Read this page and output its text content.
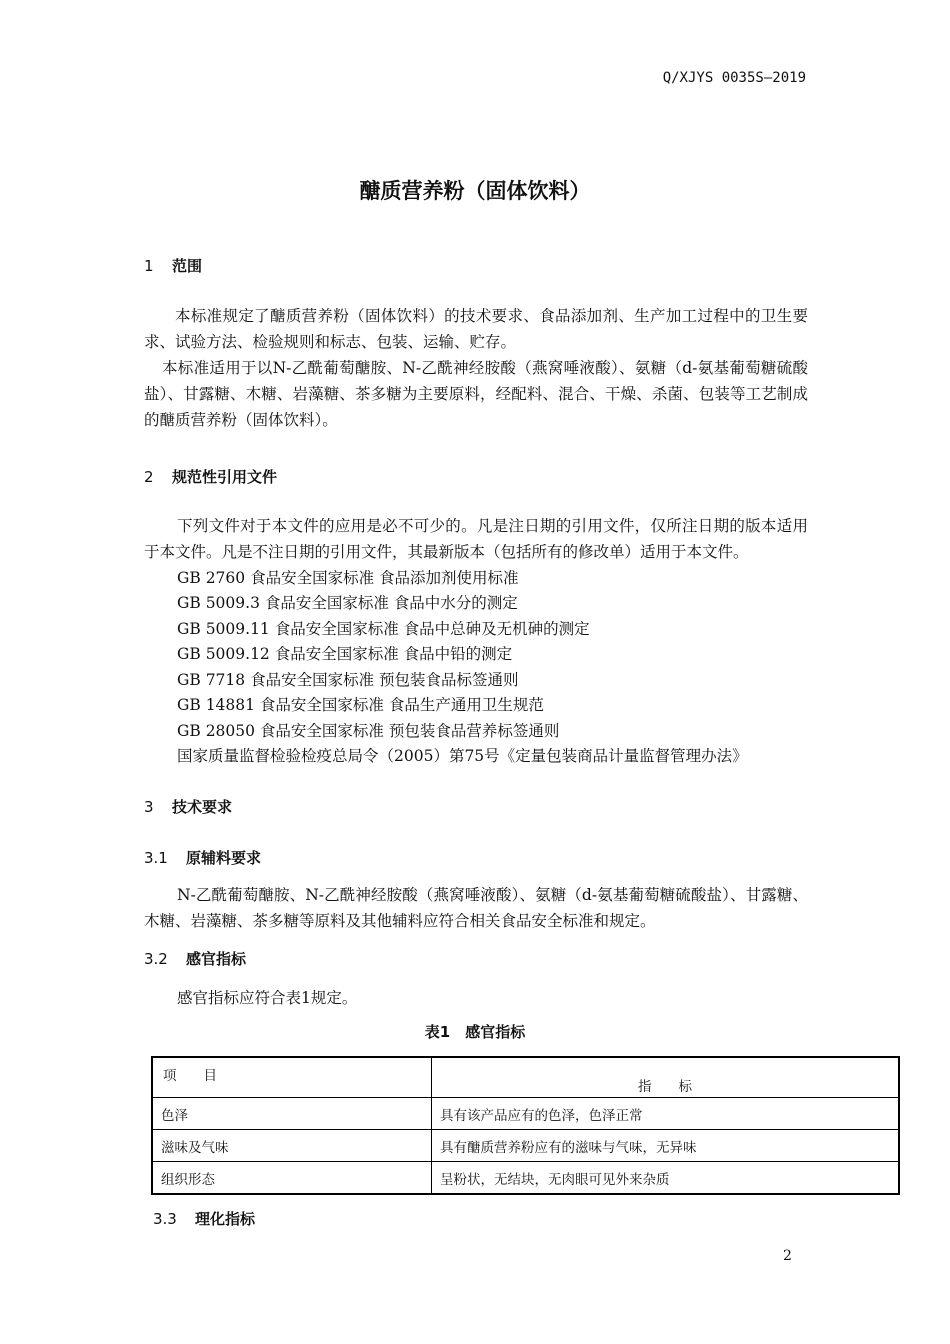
Q/XJYS 0035S—2019
醣质营养粉（固体饮料）
1 范围
本标准规定了醣质营养粉（固体饮料）的技术要求、食品添加剂、生产加工过程中的卫生要求、试验方法、检验规则和标志、包装、运输、贮存。
本标准适用于以N-乙酰葡萄醣胺、N-乙酰神经胺酸（燕窝唾液酸）、氨糖（d-氨基葡萄糖硫酸盐）、甘露糖、木糖、岩藻糖、茶多糖为主要原料，经配料、混合、干燥、杀菌、包装等工艺制成的醣质营养粉（固体饮料）。
2 规范性引用文件
下列文件对于本文件的应用是必不可少的。凡是注日期的引用文件，仅所注日期的版本适用于本文件。凡是不注日期的引用文件，其最新版本（包括所有的修改单）适用于本文件。
GB 2760 食品安全国家标准 食品添加剂使用标准
GB 5009.3 食品安全国家标准 食品中水分的测定
GB 5009.11 食品安全国家标准 食品中总砷及无机砷的测定
GB 5009.12 食品安全国家标准 食品中铅的测定
GB 7718 食品安全国家标准 预包装食品标签通则
GB 14881 食品安全国家标准 食品生产通用卫生规范
GB 28050 食品安全国家标准 预包装食品营养标签通则
国家质量监督检验检疫总局令（2005）第75号《定量包装商品计量监督管理办法》
3 技术要求
3.1 原辅料要求
N-乙酰葡萄醣胺、N-乙酰神经胺酸（燕窝唾液酸）、氨糖（d-氨基葡萄糖硫酸盐）、甘露糖、木糖、岩藻糖、茶多糖等原料及其他辅料应符合相关食品安全标准和规定。
3.2 感官指标
感官指标应符合表1规定。
表1　感官指标
项　　目	指　　标
色泽	具有该产品应有的色泽，色泽正常
滋味及气味	具有醣质营养粉应有的滋味与气味，无异味
组织形态	呈粉状，无结块，无肉眼可见外来杂质
3.3 理化指标
2
